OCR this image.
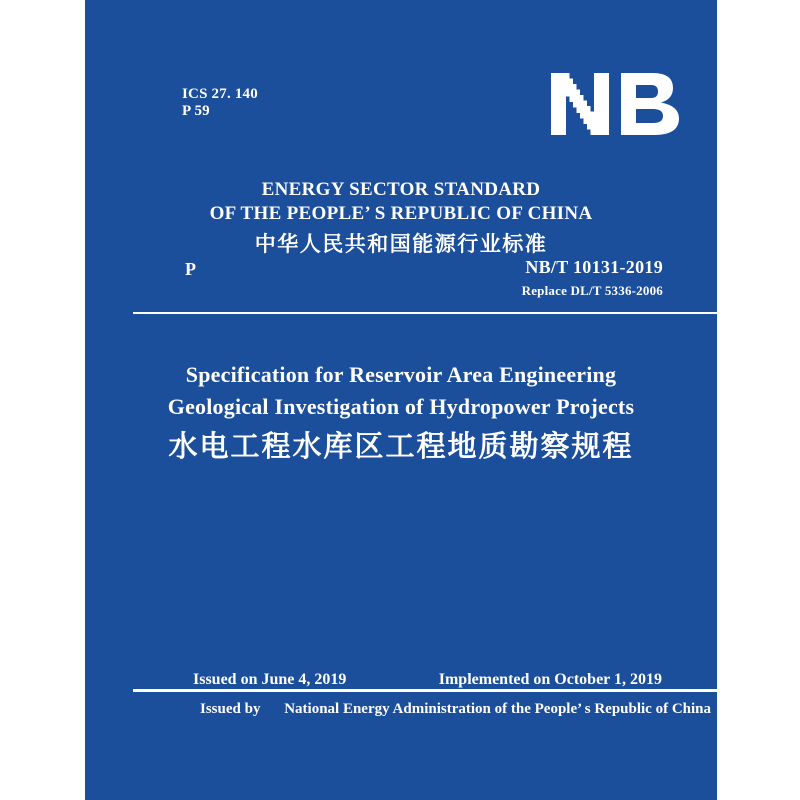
ICS 27. 140
P 59
ENERGY SECTOR STANDARD
OF THE PEOPLE’ S REPUBLIC OF CHINA
中华人民共和国能源行业标准
P	NB/T 10131-2019
Replace DL/T 5336-2006
Specification for Reservoir Area Engineering
Geological Investigation of Hydropower Projects
水电工程水库区工程地质勘察规程
Issued on June 4, 2019	Implemented on October 1, 2019
Issued by National Energy Administration of the People’ s Republic of China
